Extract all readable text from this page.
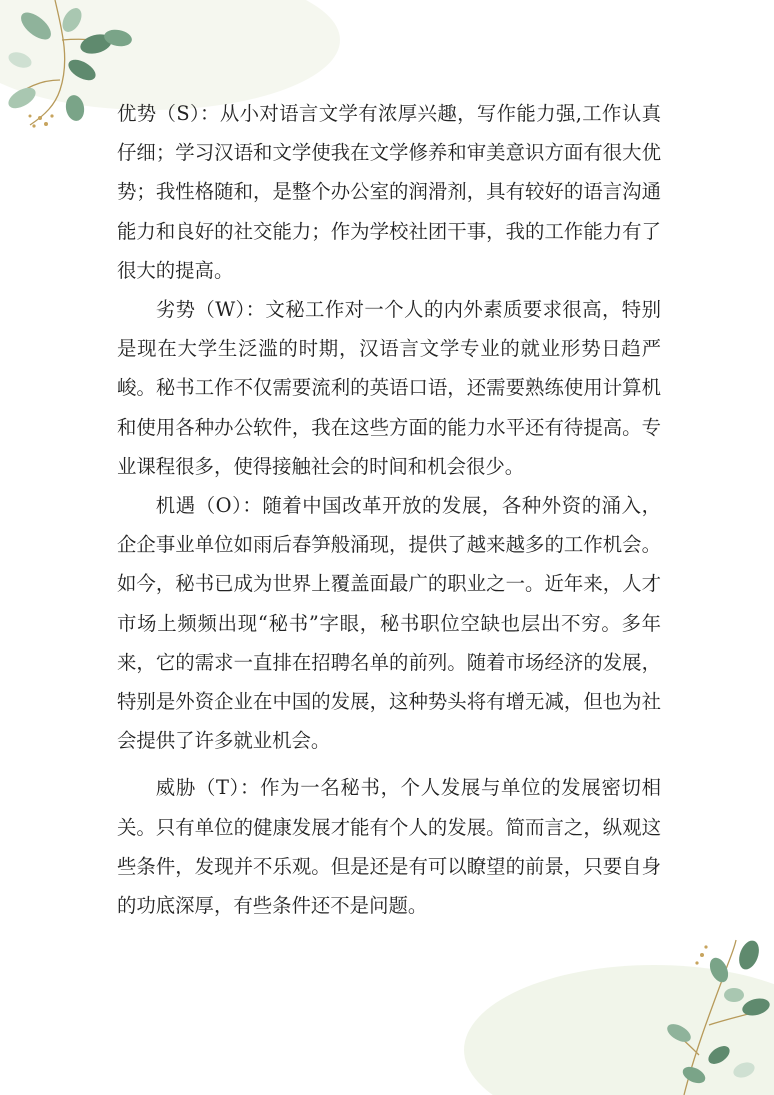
优势（S）：从小对语言文学有浓厚兴趣，写作能力强,工作认真仔细；学习汉语和文学使我在文学修养和审美意识方面有很大优势；我性格随和，是整个办公室的润滑剂，具有较好的语言沟通能力和良好的社交能力；作为学校社团干事，我的工作能力有了很大的提高。

劣势（W）：文秘工作对一个人的内外素质要求很高，特别是现在大学生泛滥的时期，汉语言文学专业的就业形势日趋严峻。秘书工作不仅需要流利的英语口语，还需要熟练使用计算机和使用各种办公软件，我在这些方面的能力水平还有待提高。专业课程很多，使得接触社会的时间和机会很少。

机遇（O）：随着中国改革开放的发展，各种外资的涌入，企企事业单位如雨后春笋般涌现，提供了越来越多的工作机会。如今，秘书已成为世界上覆盖面最广的职业之一。近年来，人才市场上频频出现“秘书”字眼，秘书职位空缺也层出不穷。多年来，它的需求一直排在招聘名单的前列。随着市场经济的发展，特别是外资企业在中国的发展，这种势头将有增无减，但也为社会提供了许多就业机会。

威胁（T）：作为一名秘书，个人发展与单位的发展密切相关。只有单位的健康发展才能有个人的发展。简而言之，纵观这些条件，发现并不乐观。但是还是有可以瞭望的前景，只要自身的功底深厚，有些条件还不是问题。
